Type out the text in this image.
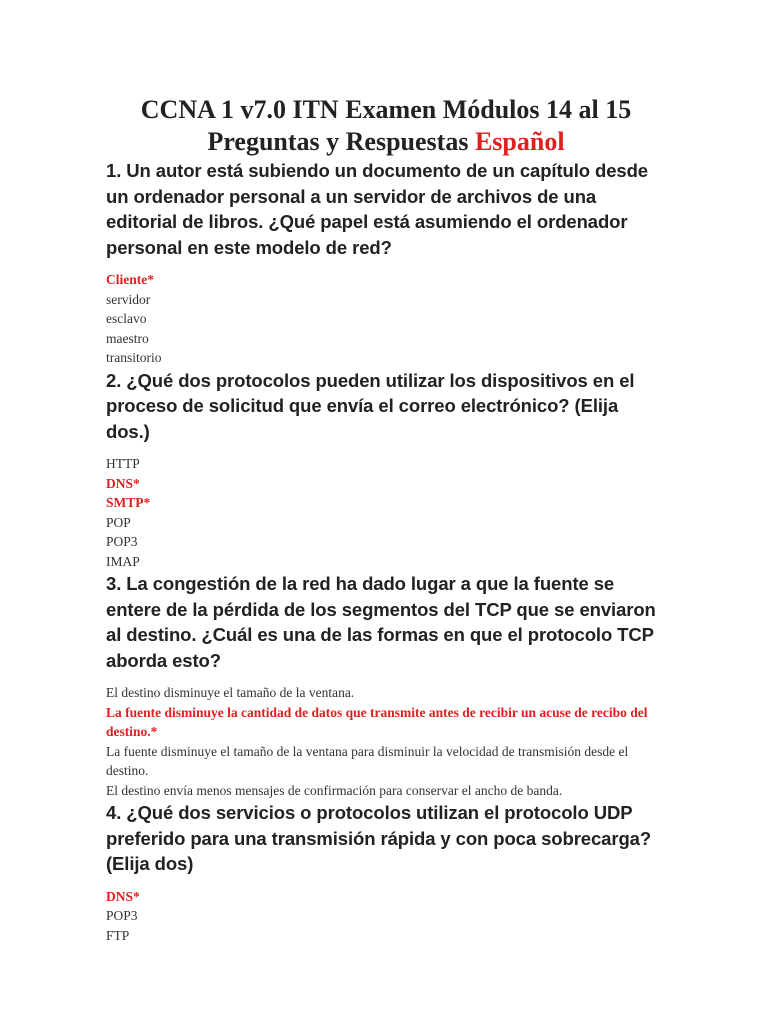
CCNA 1 v7.0 ITN Examen Módulos 14 al 15
Preguntas y Respuestas Español

1. Un autor está subiendo un documento de un capítulo desde un ordenador personal a un servidor de archivos de una editorial de libros. ¿Qué papel está asumiendo el ordenador personal en este modelo de red?

Cliente*
servidor
esclavo
maestro
transitorio

2. ¿Qué dos protocolos pueden utilizar los dispositivos en el proceso de solicitud que envía el correo electrónico? (Elija dos.)

HTTP
DNS*
SMTP*
POP
POP3
IMAP

3. La congestión de la red ha dado lugar a que la fuente se entere de la pérdida de los segmentos del TCP que se enviaron al destino. ¿Cuál es una de las formas en que el protocolo TCP aborda esto?

El destino disminuye el tamaño de la ventana.
La fuente disminuye la cantidad de datos que transmite antes de recibir un acuse de recibo del destino.*
La fuente disminuye el tamaño de la ventana para disminuir la velocidad de transmisión desde el destino.
El destino envía menos mensajes de confirmación para conservar el ancho de banda.

4. ¿Qué dos servicios o protocolos utilizan el protocolo UDP preferido para una transmisión rápida y con poca sobrecarga? (Elija dos)

DNS*
POP3
FTP
